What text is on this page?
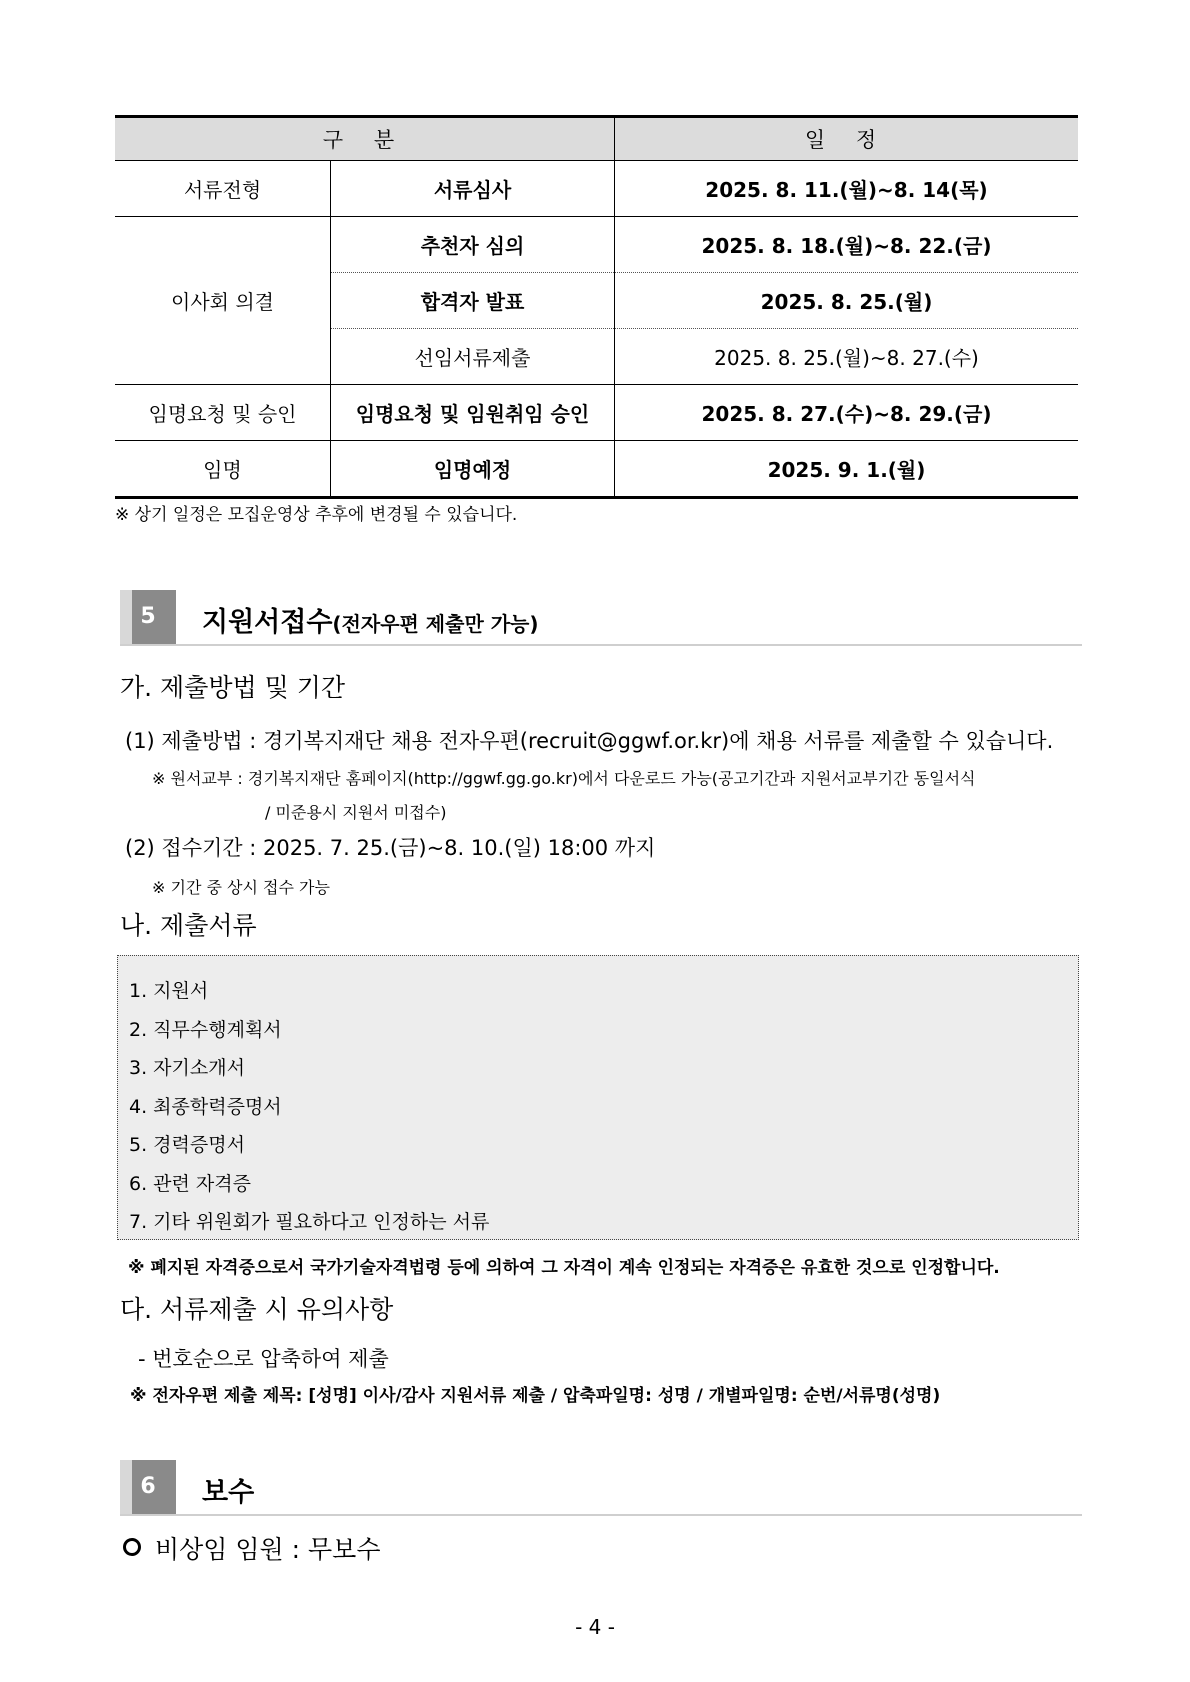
구 분		일 정
서류전형	서류심사	2025. 8. 11.(월)~8. 14(목)
이사회 의결	추천자 심의	2025. 8. 18.(월)~8. 22.(금)
	합격자 발표	2025. 8. 25.(월)
	선임서류제출	2025. 8. 25.(월)~8. 27.(수)
임명요청 및 승인	임명요청 및 임원취임 승인	2025. 8. 27.(수)~8. 29.(금)
임명	임명예정	2025. 9. 1.(월)
※ 상기 일정은 모집운영상 추후에 변경될 수 있습니다.
5	지원서접수(전자우편 제출만 가능)
가. 제출방법 및 기간
(1) 제출방법 : 경기복지재단 채용 전자우편(recruit@ggwf.or.kr)에 채용 서류를 제출할 수 있습니다.
※ 원서교부 : 경기복지재단 홈페이지(http://ggwf.gg.go.kr)에서 다운로드 가능(공고기간과 지원서교부기간 동일서식
/ 미준용시 지원서 미접수)
(2) 접수기간 : 2025. 7. 25.(금)~8. 10.(일) 18:00 까지
※ 기간 중 상시 접수 가능
나. 제출서류
1. 지원서
2. 직무수행계획서
3. 자기소개서
4. 최종학력증명서
5. 경력증명서
6. 관련 자격증
7. 기타 위원회가 필요하다고 인정하는 서류
※ 폐지된 자격증으로서 국가기술자격법령 등에 의하여 그 자격이 계속 인정되는 자격증은 유효한 것으로 인정합니다.
다. 서류제출 시 유의사항
- 번호순으로 압축하여 제출
※ 전자우편 제출 제목: [성명] 이사/감사 지원서류 제출 / 압축파일명: 성명 / 개별파일명: 순번/서류명(성명)
6	보수
비상임 임원 : 무보수
- 4 -
